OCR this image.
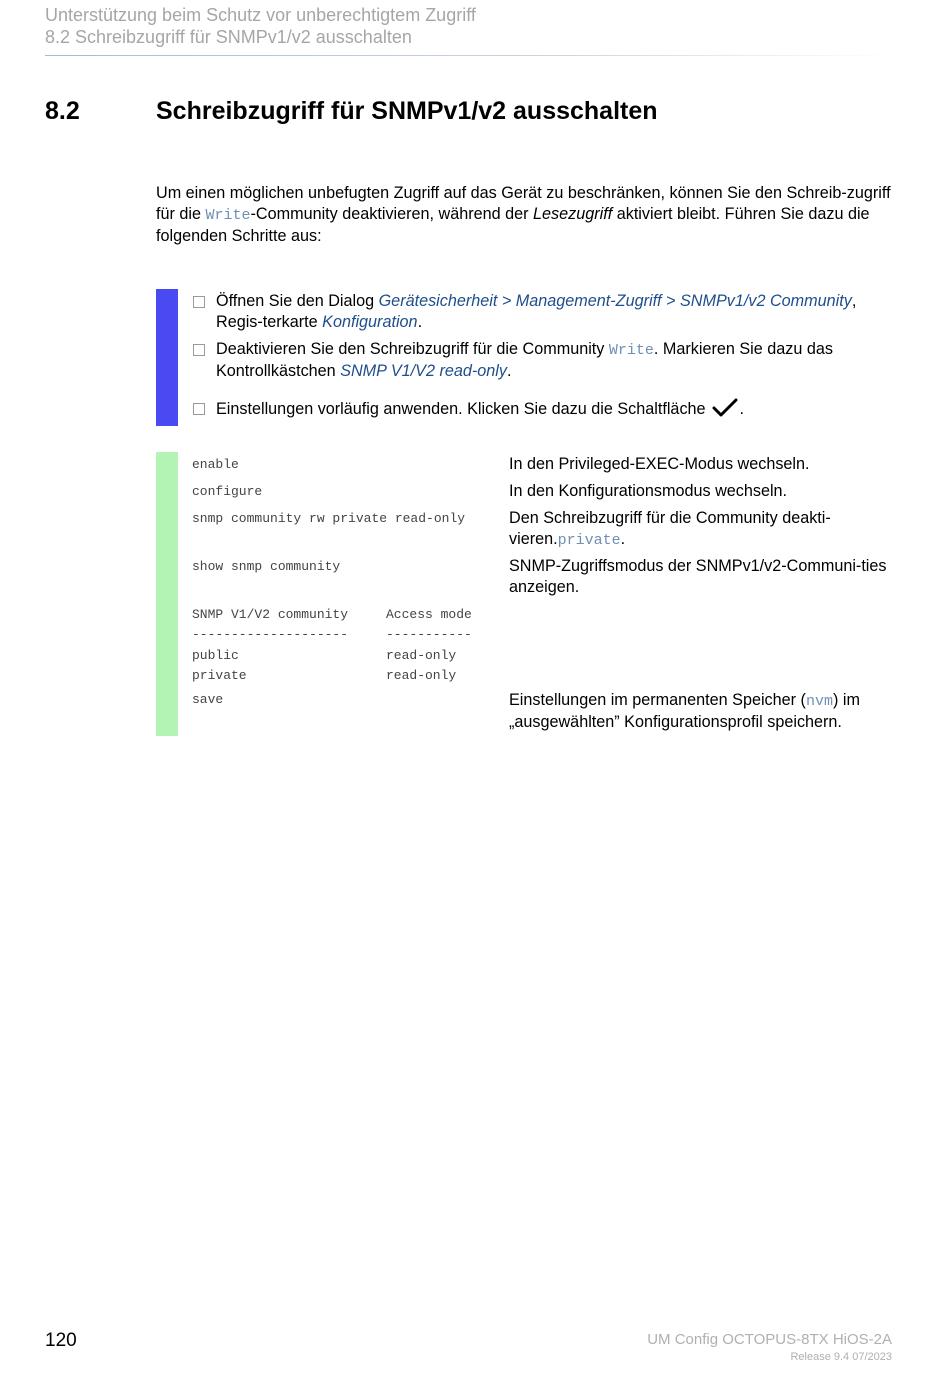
Unterstützung beim Schutz vor unberechtigtem Zugriff
8.2 Schreibzugriff für SNMPv1/v2 ausschalten
8.2	Schreibzugriff für SNMPv1/v2 ausschalten
Um einen möglichen unbefugten Zugriff auf das Gerät zu beschränken, können Sie den Schreib-zugriff für die Write-Community deaktivieren, während der Lesezugriff aktiviert bleibt. Führen Sie dazu die folgenden Schritte aus:
Öffnen Sie den Dialog Gerätesicherheit > Management-Zugriff > SNMPv1/v2 Community, Regis-terkarte Konfiguration.
Deaktivieren Sie den Schreibzugriff für die Community Write. Markieren Sie dazu das Kontrollkästchen SNMP V1/V2 read-only.
Einstellungen vorläufig anwenden. Klicken Sie dazu die Schaltfläche .
enable	In den Privileged-EXEC-Modus wechseln.
configure	In den Konfigurationsmodus wechseln.
snmp community rw private read-only	Den Schreibzugriff für die Community deakti-vieren.private.
show snmp community	SNMP-Zugriffsmodus der SNMPv1/v2-Communi-ties anzeigen.
SNMP V1/V2 community	Access mode
--------------------	-----------
public	read-only
private	read-only
save	Einstellungen im permanenten Speicher (nvm) im „ausgewählten” Konfigurationsprofil speichern.
120	UM Config OCTOPUS-8TX HiOS-2A
Release 9.4 07/2023
